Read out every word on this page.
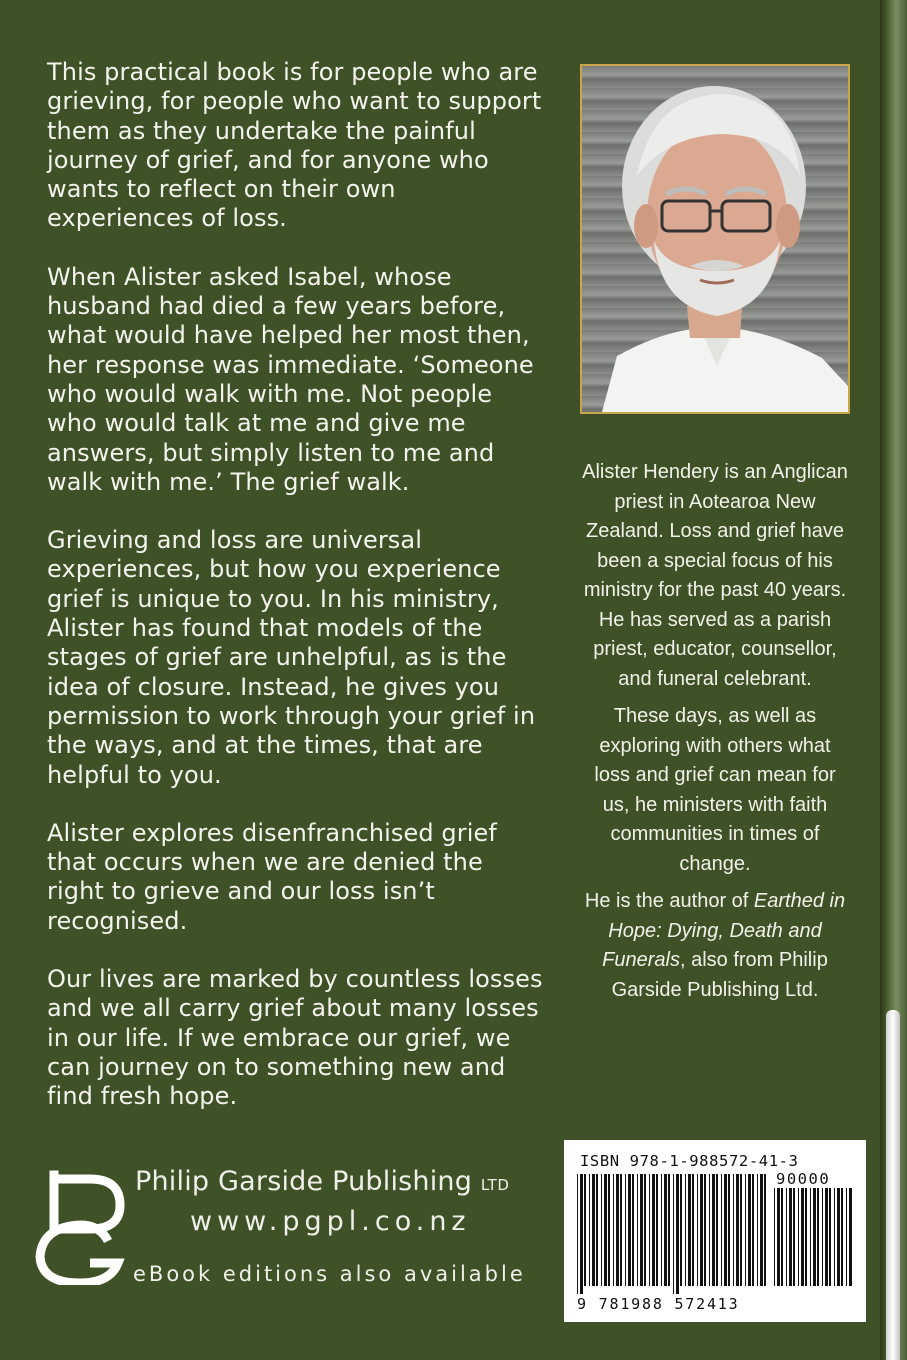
This practical book is for people who are grieving, for people who want to support them as they undertake the painful journey of grief, and for anyone who wants to reflect on their own experiences of loss.

When Alister asked Isabel, whose husband had died a few years before, what would have helped her most then, her response was immediate. ‘Someone who would walk with me. Not people who would talk at me and give me answers, but simply listen to me and walk with me.’ The grief walk.

Grieving and loss are universal experiences, but how you experience grief is unique to you. In his ministry, Alister has found that models of the stages of grief are unhelpful, as is the idea of closure. Instead, he gives you permission to work through your grief in the ways, and at the times, that are helpful to you.

Alister explores disenfranchised grief that occurs when we are denied the right to grieve and our loss isn’t recognised.

Our lives are marked by countless losses and we all carry grief about many losses in our life. If we embrace our grief, we can journey on to something new and find fresh hope.

Alister Hendery is an Anglican priest in Aotearoa New Zealand. Loss and grief have been a special focus of his ministry for the past 40 years. He has served as a parish priest, educator, counsellor, and funeral celebrant.

These days, as well as exploring with others what loss and grief can mean for us, he ministers with faith communities in times of change.

He is the author of Earthed in Hope: Dying, Death and Funerals, also from Philip Garside Publishing Ltd.

Philip Garside Publishing LTD
www.pgpl.co.nz
eBook editions also available
ISBN 978-1-988572-41-3
90000
9 781988 572413
